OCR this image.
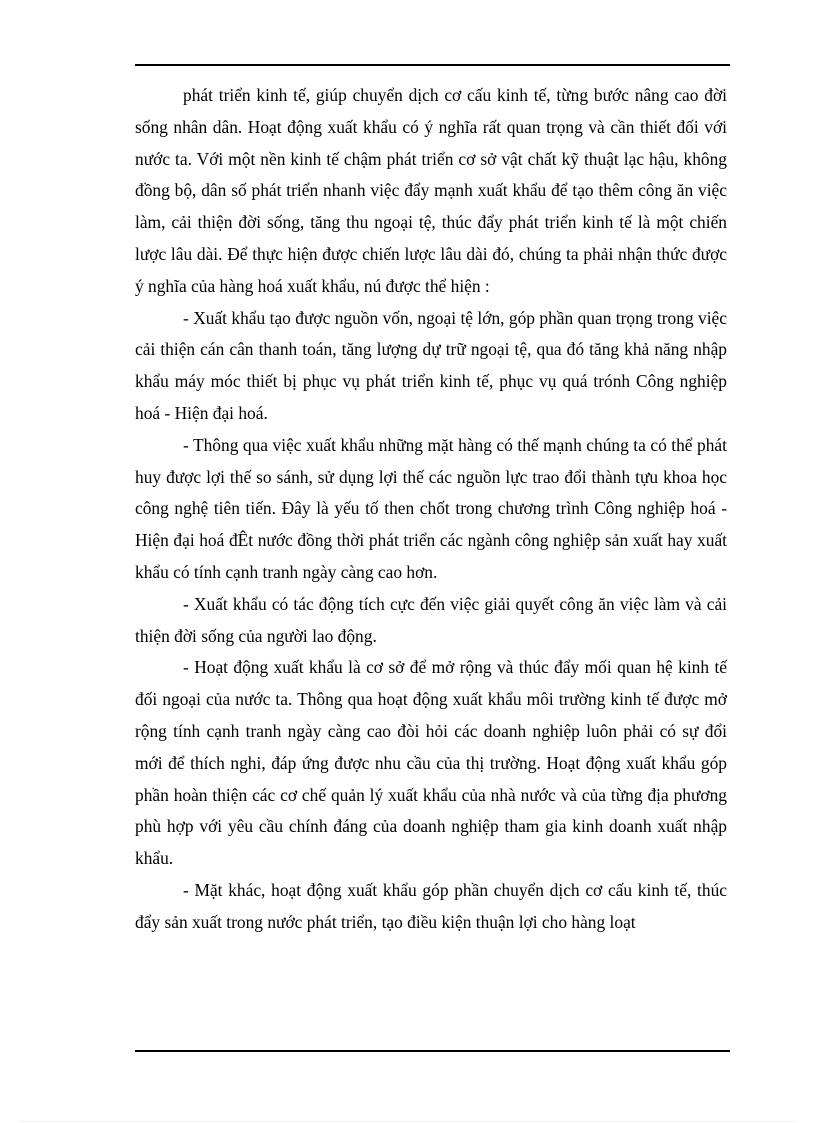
phát triển kinh tế, giúp chuyển dịch cơ cấu kinh tế, từng bước nâng cao đời sống nhân dân. Hoạt động xuất khẩu có ý nghĩa rất quan trọng và cần thiết đối với nước ta. Với một nền kinh tế chậm phát triển cơ sở vật chất kỹ thuật lạc hậu, không đồng bộ, dân số phát triển nhanh việc đẩy mạnh xuất khẩu để tạo thêm công ăn việc làm, cải thiện đời sống, tăng thu ngoại tệ, thúc đẩy phát triển kinh tế là một chiến lược lâu dài. Để thực hiện được chiến lược lâu dài đó, chúng ta phải nhận thức được ý nghĩa của hàng hoá xuất khẩu, nú được thể hiện :

- Xuất khẩu tạo được nguồn vốn, ngoại tệ lớn, góp phần quan trọng trong việc cải thiện cán cân thanh toán, tăng lượng dự trữ ngoại tệ, qua đó tăng khả năng nhập khẩu máy móc thiết bị phục vụ phát triển kinh tế, phục vụ quá trónh Công nghiệp hoá - Hiện đại hoá.

- Thông qua việc xuất khẩu những mặt hàng có thế mạnh chúng ta có thể phát huy được lợi thế so sánh, sử dụng lợi thế các nguồn lực trao đổi thành tựu khoa học công nghệ tiên tiến. Đây là yếu tố then chốt trong chương trình Công nghiệp hoá - Hiện đại hoá đÊt nước đồng thời phát triển các ngành công nghiệp sản xuất hay xuất khẩu có tính cạnh tranh ngày càng cao hơn.

- Xuất khẩu có tác động tích cực đến việc giải quyết công ăn việc làm và cải thiện đời sống của người lao động.

- Hoạt động xuất khẩu là cơ sở để mở rộng và thúc đẩy mối quan hệ kinh tế đối ngoại của nước ta. Thông qua hoạt động xuất khẩu môi trường kinh tế được mở rộng tính cạnh tranh ngày càng cao đòi hỏi các doanh nghiệp luôn phải có sự đổi mới để thích nghi, đáp ứng được nhu cầu của thị trường. Hoạt động xuất khẩu góp phần hoàn thiện các cơ chế quản lý xuất khẩu của nhà nước và của từng địa phương phù hợp với yêu cầu chính đáng của doanh nghiệp tham gia kinh doanh xuất nhập khẩu.

- Mặt khác, hoạt động xuất khẩu góp phần chuyển dịch cơ cấu kinh tế, thúc đẩy sản xuất trong nước phát triển, tạo điều kiện thuận lợi cho hàng loạt
